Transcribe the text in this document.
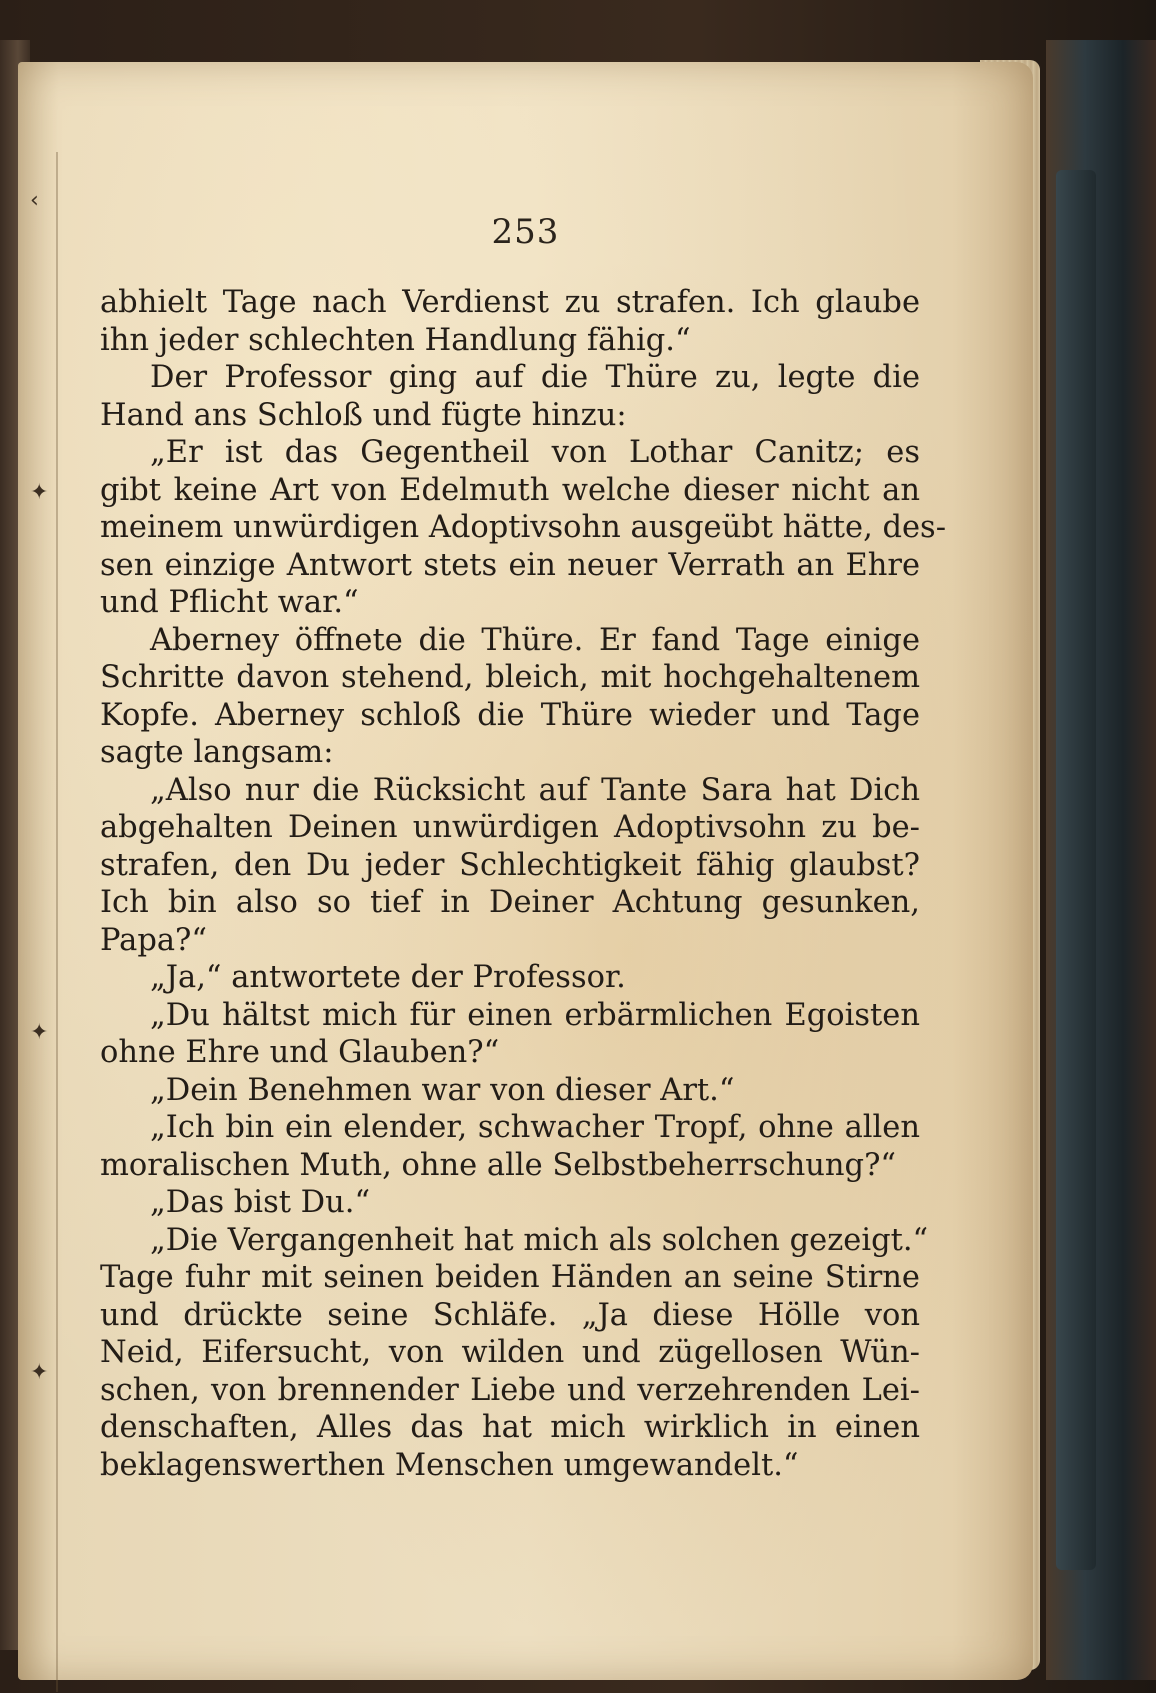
‹
✦
✦
✦
253
abhielt Tage nach Verdienst zu strafen. Ich glaube
ihn jeder schlechten Handlung fähig.“
Der Professor ging auf die Thüre zu, legte die
Hand ans Schloß und fügte hinzu:
„Er ist das Gegentheil von Lothar Canitz; es
gibt keine Art von Edelmuth welche dieser nicht an
meinem unwürdigen Adoptivsohn ausgeübt hätte, des-
sen einzige Antwort stets ein neuer Verrath an Ehre
und Pflicht war.“
Aberney öffnete die Thüre. Er fand Tage einige
Schritte davon stehend, bleich, mit hochgehaltenem
Kopfe. Aberney schloß die Thüre wieder und Tage
sagte langsam:
„Also nur die Rücksicht auf Tante Sara hat Dich
abgehalten Deinen unwürdigen Adoptivsohn zu be-
strafen, den Du jeder Schlechtigkeit fähig glaubst?
Ich bin also so tief in Deiner Achtung gesunken,
Papa?“
„Ja,“ antwortete der Professor.
„Du hältst mich für einen erbärmlichen Egoisten
ohne Ehre und Glauben?“
„Dein Benehmen war von dieser Art.“
„Ich bin ein elender, schwacher Tropf, ohne allen
moralischen Muth, ohne alle Selbstbeherrschung?“
„Das bist Du.“
„Die Vergangenheit hat mich als solchen gezeigt.“
Tage fuhr mit seinen beiden Händen an seine Stirne
und drückte seine Schläfe. „Ja diese Hölle von
Neid, Eifersucht, von wilden und zügellosen Wün-
schen, von brennender Liebe und verzehrenden Lei-
denschaften, Alles das hat mich wirklich in einen
beklagenswerthen Menschen umgewandelt.“
